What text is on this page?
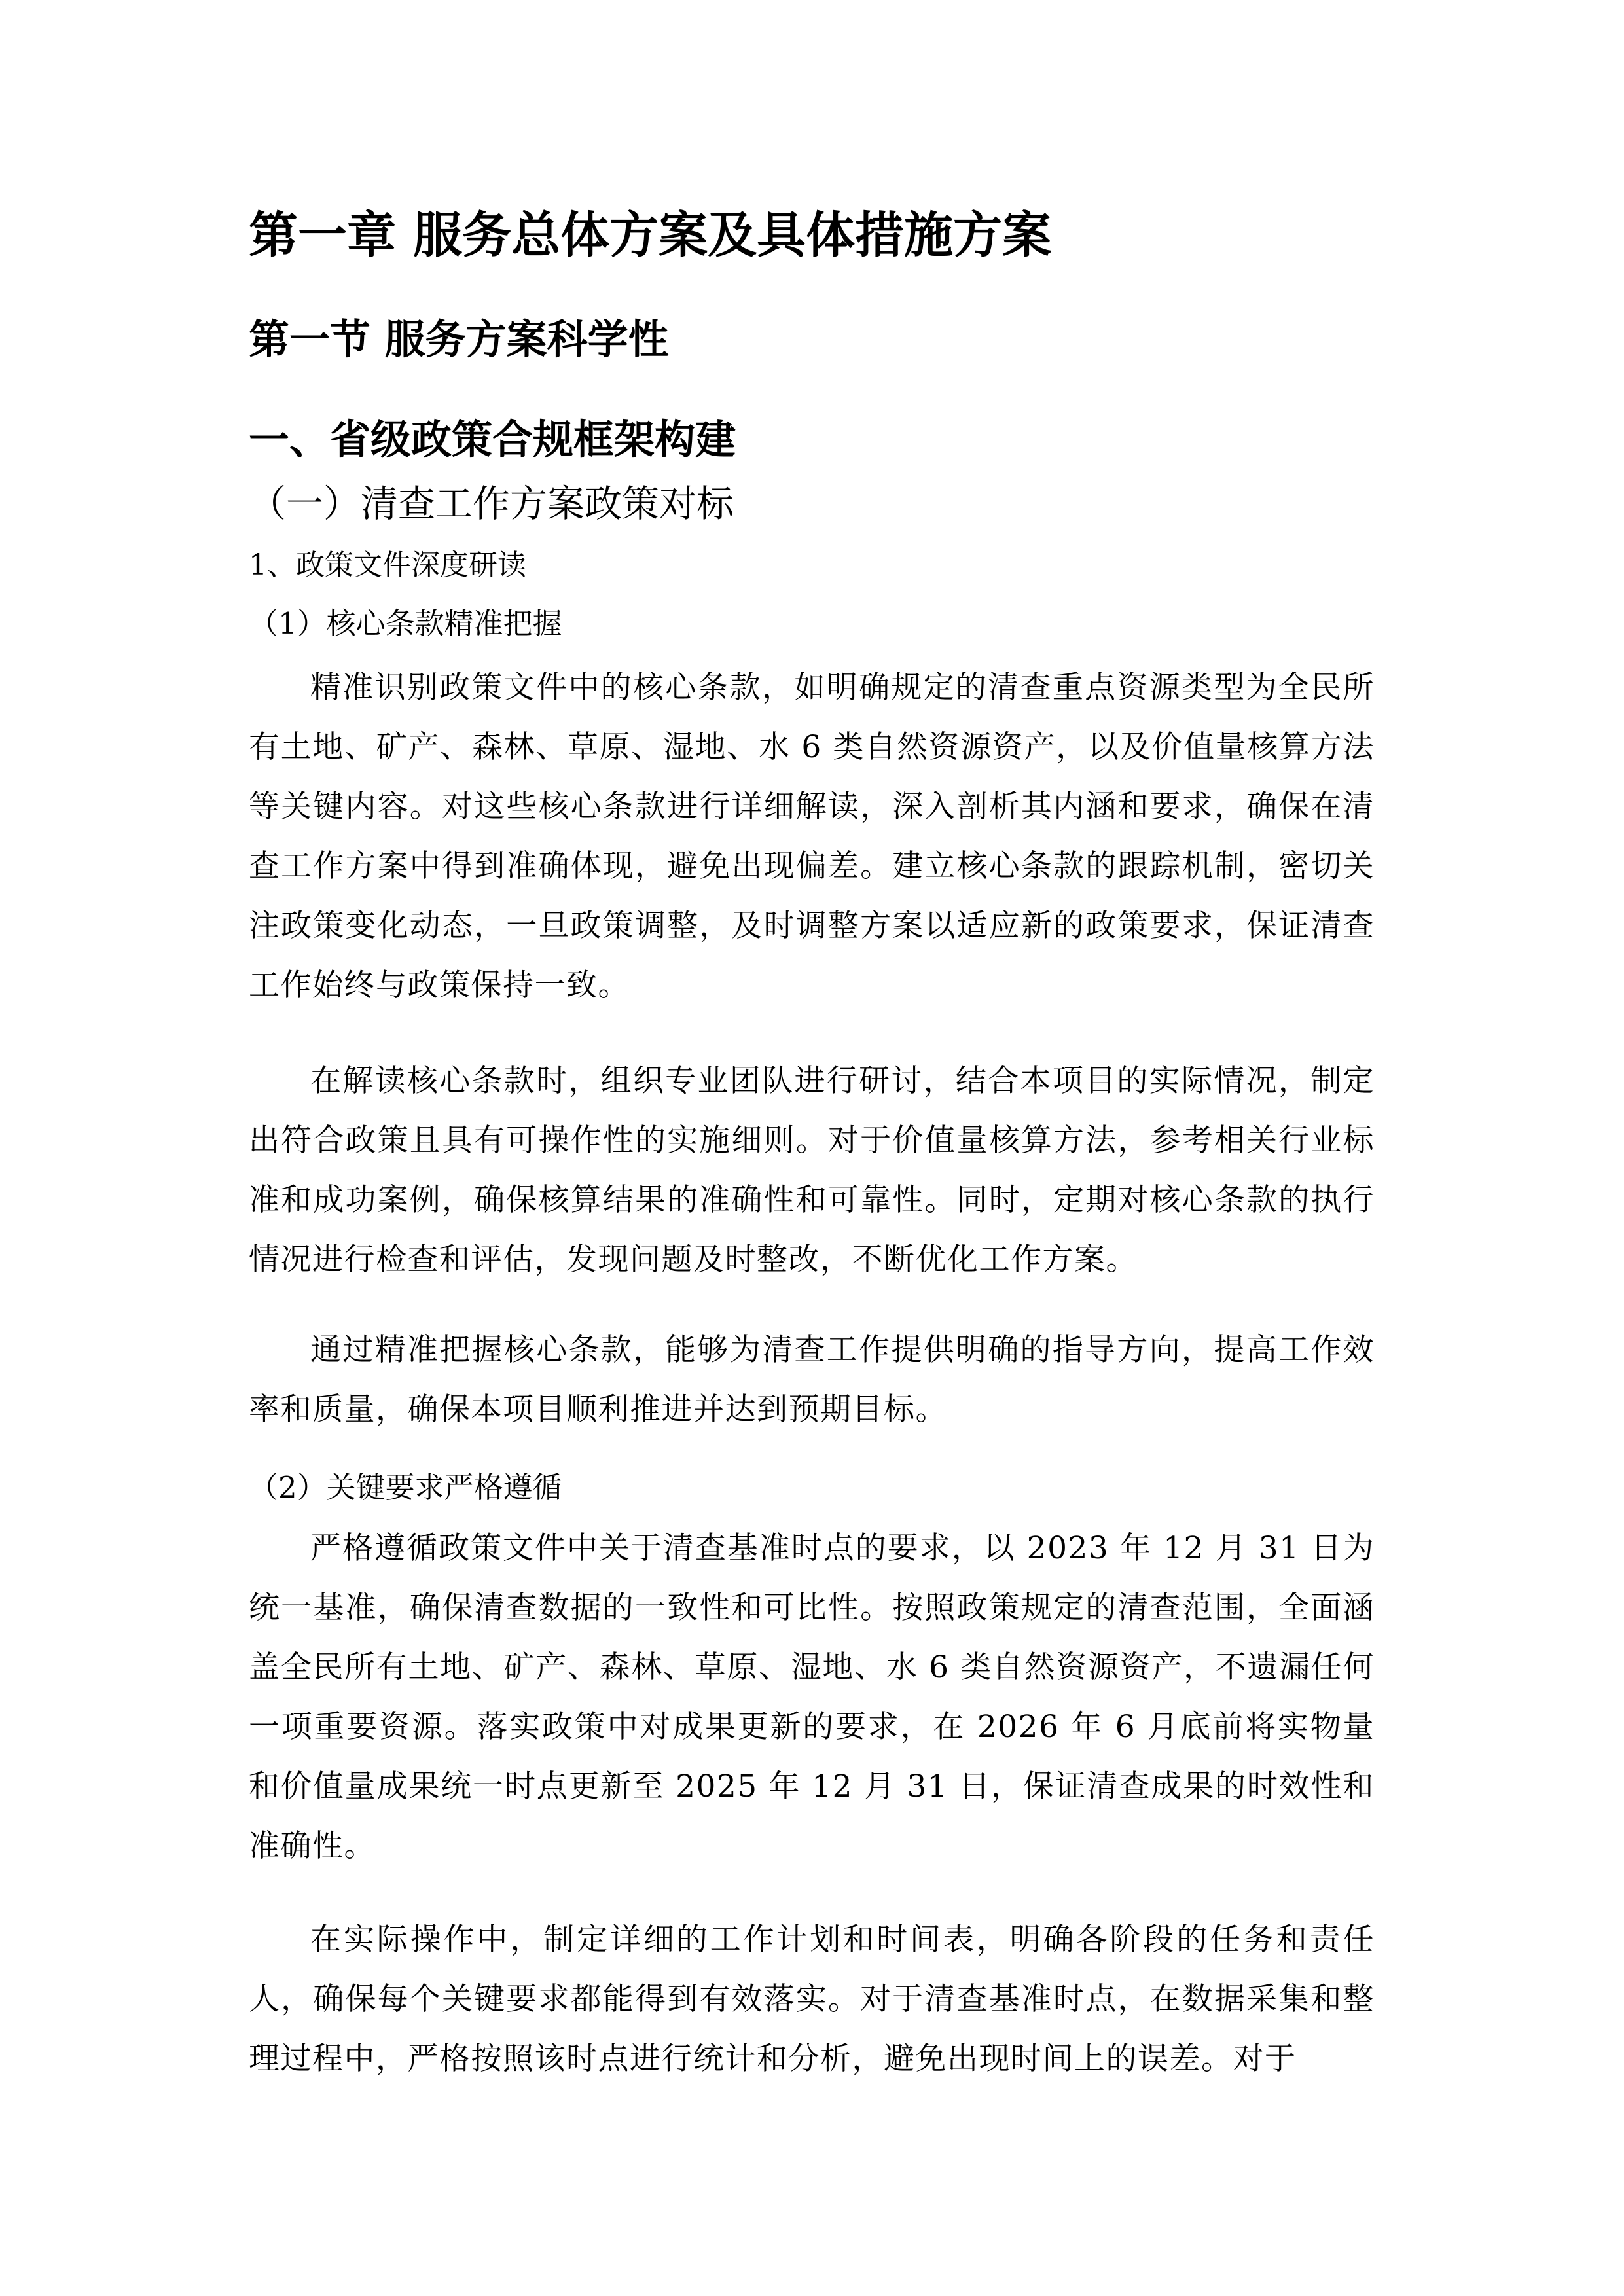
第一章 服务总体方案及具体措施方案
第一节 服务方案科学性
一、省级政策合规框架构建
（一）清查工作方案政策对标
1、政策文件深度研读
（1）核心条款精准把握

精准识别政策文件中的核心条款，如明确规定的清查重点资源类型为全民所有土地、矿产、森林、草原、湿地、水 6 类自然资源资产，以及价值量核算方法等关键内容。对这些核心条款进行详细解读，深入剖析其内涵和要求，确保在清查工作方案中得到准确体现，避免出现偏差。建立核心条款的跟踪机制，密切关注政策变化动态，一旦政策调整，及时调整方案以适应新的政策要求，保证清查工作始终与政策保持一致。

在解读核心条款时，组织专业团队进行研讨，结合本项目的实际情况，制定出符合政策且具有可操作性的实施细则。对于价值量核算方法，参考相关行业标准和成功案例，确保核算结果的准确性和可靠性。同时，定期对核心条款的执行情况进行检查和评估，发现问题及时整改，不断优化工作方案。

通过精准把握核心条款，能够为清查工作提供明确的指导方向，提高工作效率和质量，确保本项目顺利推进并达到预期目标。

（2）关键要求严格遵循

严格遵循政策文件中关于清查基准时点的要求，以 2023 年 12 月 31 日为统一基准，确保清查数据的一致性和可比性。按照政策规定的清查范围，全面涵盖全民所有土地、矿产、森林、草原、湿地、水 6 类自然资源资产，不遗漏任何一项重要资源。落实政策中对成果更新的要求，在 2026 年 6 月底前将实物量和价值量成果统一时点更新至 2025 年 12 月 31 日，保证清查成果的时效性和准确性。

在实际操作中，制定详细的工作计划和时间表，明确各阶段的任务和责任人，确保每个关键要求都能得到有效落实。对于清查基准时点，在数据采集和整理过程中，严格按照该时点进行统计和分析，避免出现时间上的误差。对于
